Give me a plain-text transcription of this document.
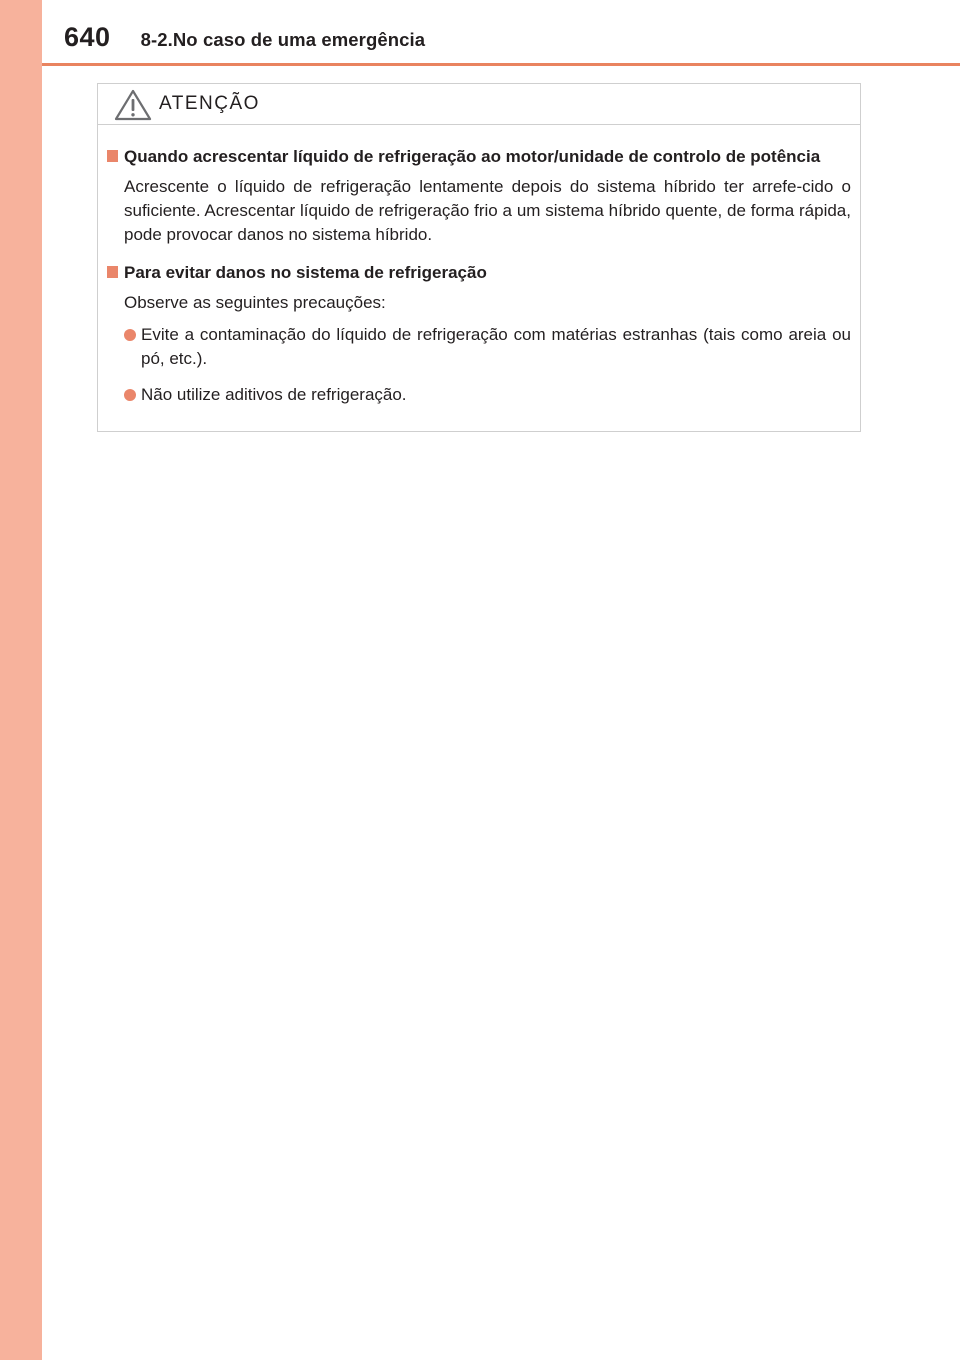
640 8-2.No caso de uma emergência
ATENÇÃO
Quando acrescentar líquido de refrigeração ao motor/unidade de controlo de potência
Acrescente o líquido de refrigeração lentamente depois do sistema híbrido ter arrefe-cido o suficiente. Acrescentar líquido de refrigeração frio a um sistema híbrido quente, de forma rápida, pode provocar danos no sistema híbrido.
Para evitar danos no sistema de refrigeração
Observe as seguintes precauções:
Evite a contaminação do líquido de refrigeração com matérias estranhas (tais como areia ou pó, etc.).
Não utilize aditivos de refrigeração.
